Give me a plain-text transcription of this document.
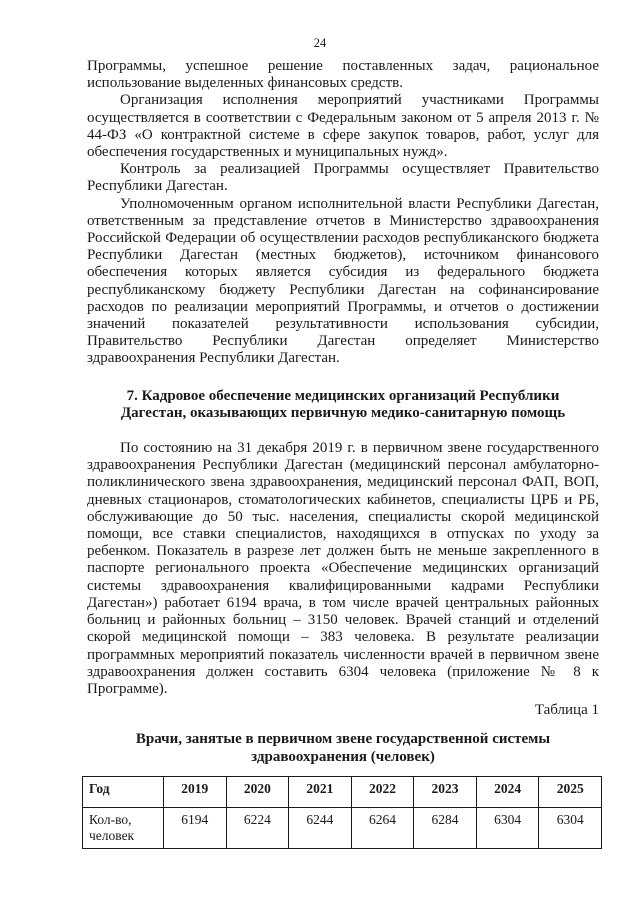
24

Программы, успешное решение поставленных задач, рациональное использование выделенных финансовых средств.

Организация исполнения мероприятий участниками Программы осуществляется в соответствии с Федеральным законом от 5 апреля 2013 г. № 44-ФЗ «О контрактной системе в сфере закупок товаров, работ, услуг для обеспечения государственных и муниципальных нужд».

Контроль за реализацией Программы осуществляет Правительство Республики Дагестан.

Уполномоченным органом исполнительной власти Республики Дагестан, ответственным за представление отчетов в Министерство здравоохранения Российской Федерации об осуществлении расходов республиканского бюджета Республики Дагестан (местных бюджетов), источником финансового обеспечения которых является субсидия из федерального бюджета республиканскому бюджету Республики Дагестан на софинансирование расходов по реализации мероприятий Программы, и отчетов о достижении значений показателей результативности использования субсидии, Правительство Республики Дагестан определяет Министерство здравоохранения Республики Дагестан.

7. Кадровое обеспечение медицинских организаций Республики Дагестан, оказывающих первичную медико-санитарную помощь

По состоянию на 31 декабря 2019 г. в первичном звене государственного здравоохранения Республики Дагестан (медицинский персонал амбулаторно-поликлинического звена здравоохранения, медицинский персонал ФАП, ВОП, дневных стационаров, стоматологических кабинетов, специалисты ЦРБ и РБ, обслуживающие до 50 тыс. населения, специалисты скорой медицинской помощи, все ставки специалистов, находящихся в отпусках по уходу за ребенком. Показатель в разрезе лет должен быть не меньше закрепленного в паспорте регионального проекта «Обеспечение медицинских организаций системы здравоохранения квалифицированными кадрами Республики Дагестан») работает 6194 врача, в том числе врачей центральных районных больниц и районных больниц – 3150 человек. Врачей станций и отделений скорой медицинской помощи – 383 человека. В результате реализации программных мероприятий показатель численности врачей в первичном звене здравоохранения должен составить 6304 человека (приложение № 8 к Программе).

Таблица 1

Врачи, занятые в первичном звене государственной системы здравоохранения (человек)

Год	2019	2020	2021	2022	2023	2024	2025
Кол-во, человек	6194	6224	6244	6264	6284	6304	6304
